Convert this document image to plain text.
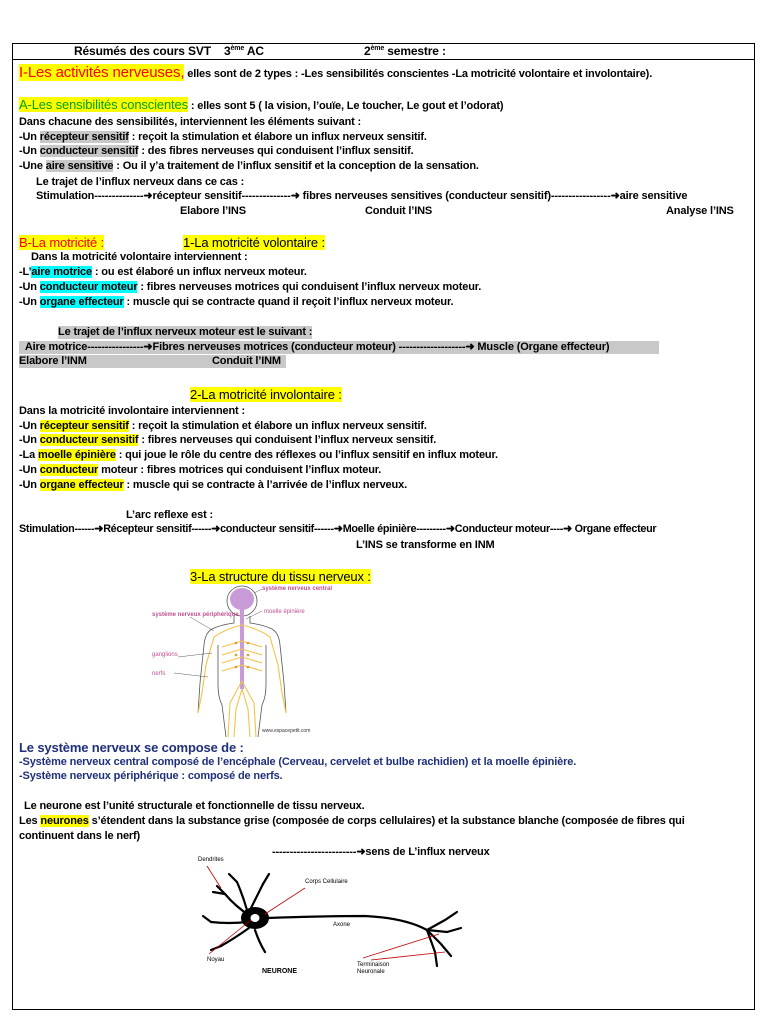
Résumés des cours SVT 3ème AC	2ème semestre :
I-Les activités nerveuses, elles sont de 2 types : -Les sensibilités conscientes -La motricité volontaire et involontaire).
A-Les sensibilités conscientes : elles sont 5 ( la vision, l’ouïe, Le toucher, Le gout et l’odorat)
Dans chacune des sensibilités, interviennent les éléments suivant :
-Un récepteur sensitif : reçoit la stimulation et élabore un influx nerveux sensitif.
-Un conducteur sensitif : des fibres nerveuses qui conduisent l’influx sensitif.
-Une aire sensitive : Ou il y’a traitement de l’influx sensitif et la conception de la sensation.
Le trajet de l’influx nerveux dans ce cas :
Stimulation--------------➜récepteur sensitif--------------➜ fibres nerveuses sensitives (conducteur sensitif)-----------------➜aire sensitive
Elabore l’INS	Conduit l’INS	Analyse l’INS
B-La motricité :	1-La motricité volontaire :
Dans la motricité volontaire interviennent :
-L’aire motrice : ou est élaboré un influx nerveux moteur.
-Un conducteur moteur : fibres nerveuses motrices qui conduisent l’influx nerveux moteur.
-Un organe effecteur : muscle qui se contracte quand il reçoit l’influx nerveux moteur.
Le trajet de l’influx nerveux moteur est le suivant :
Aire motrice----------------➜Fibres nerveuses motrices (conducteur moteur) -------------------➜ Muscle (Organe effecteur)
Elabore l’INM	Conduit l’INM
2-La motricité involontaire :
Dans la motricité involontaire interviennent :
-Un récepteur sensitif : reçoit la stimulation et élabore un influx nerveux sensitif.
-Un conducteur sensitif : fibres nerveuses qui conduisent l’influx nerveux sensitif.
-La moelle épinière : qui joue le rôle du centre des réflexes ou l’influx sensitif en influx moteur.
-Un conducteur moteur : fibres motrices qui conduisent l’influx moteur.
-Un organe effecteur : muscle qui se contracte à l’arrivée de l’influx nerveux.
L’arc reflexe est :
Stimulation------➜Récepteur sensitif------➜conducteur sensitif------➜Moelle épinière---------➜Conducteur moteur----➜ Organe effecteur
L’INS se transforme en INM
3-La structure du tissu nerveux :
système nerveux central
système nerveux périphérique	moelle épinière
ganglions
nerfs
www.espacepetit.com
Le système nerveux se compose de :
-Système nerveux central composé de l’encéphale (Cerveau, cervelet et bulbe rachidien) et la moelle épinière.
-Système nerveux périphérique : composé de nerfs.
Le neurone est l’unité structurale et fonctionnelle de tissu nerveux.
Les neurones s’étendent dans la substance grise (composée de corps cellulaires) et la substance blanche (composée de fibres qui
continuent dans le nerf)
------------------------➜sens de L’influx nerveux
Dendrites
Corps Cellulaire
Axone
Noyau
Terminaison Neuronale
NEURONE
